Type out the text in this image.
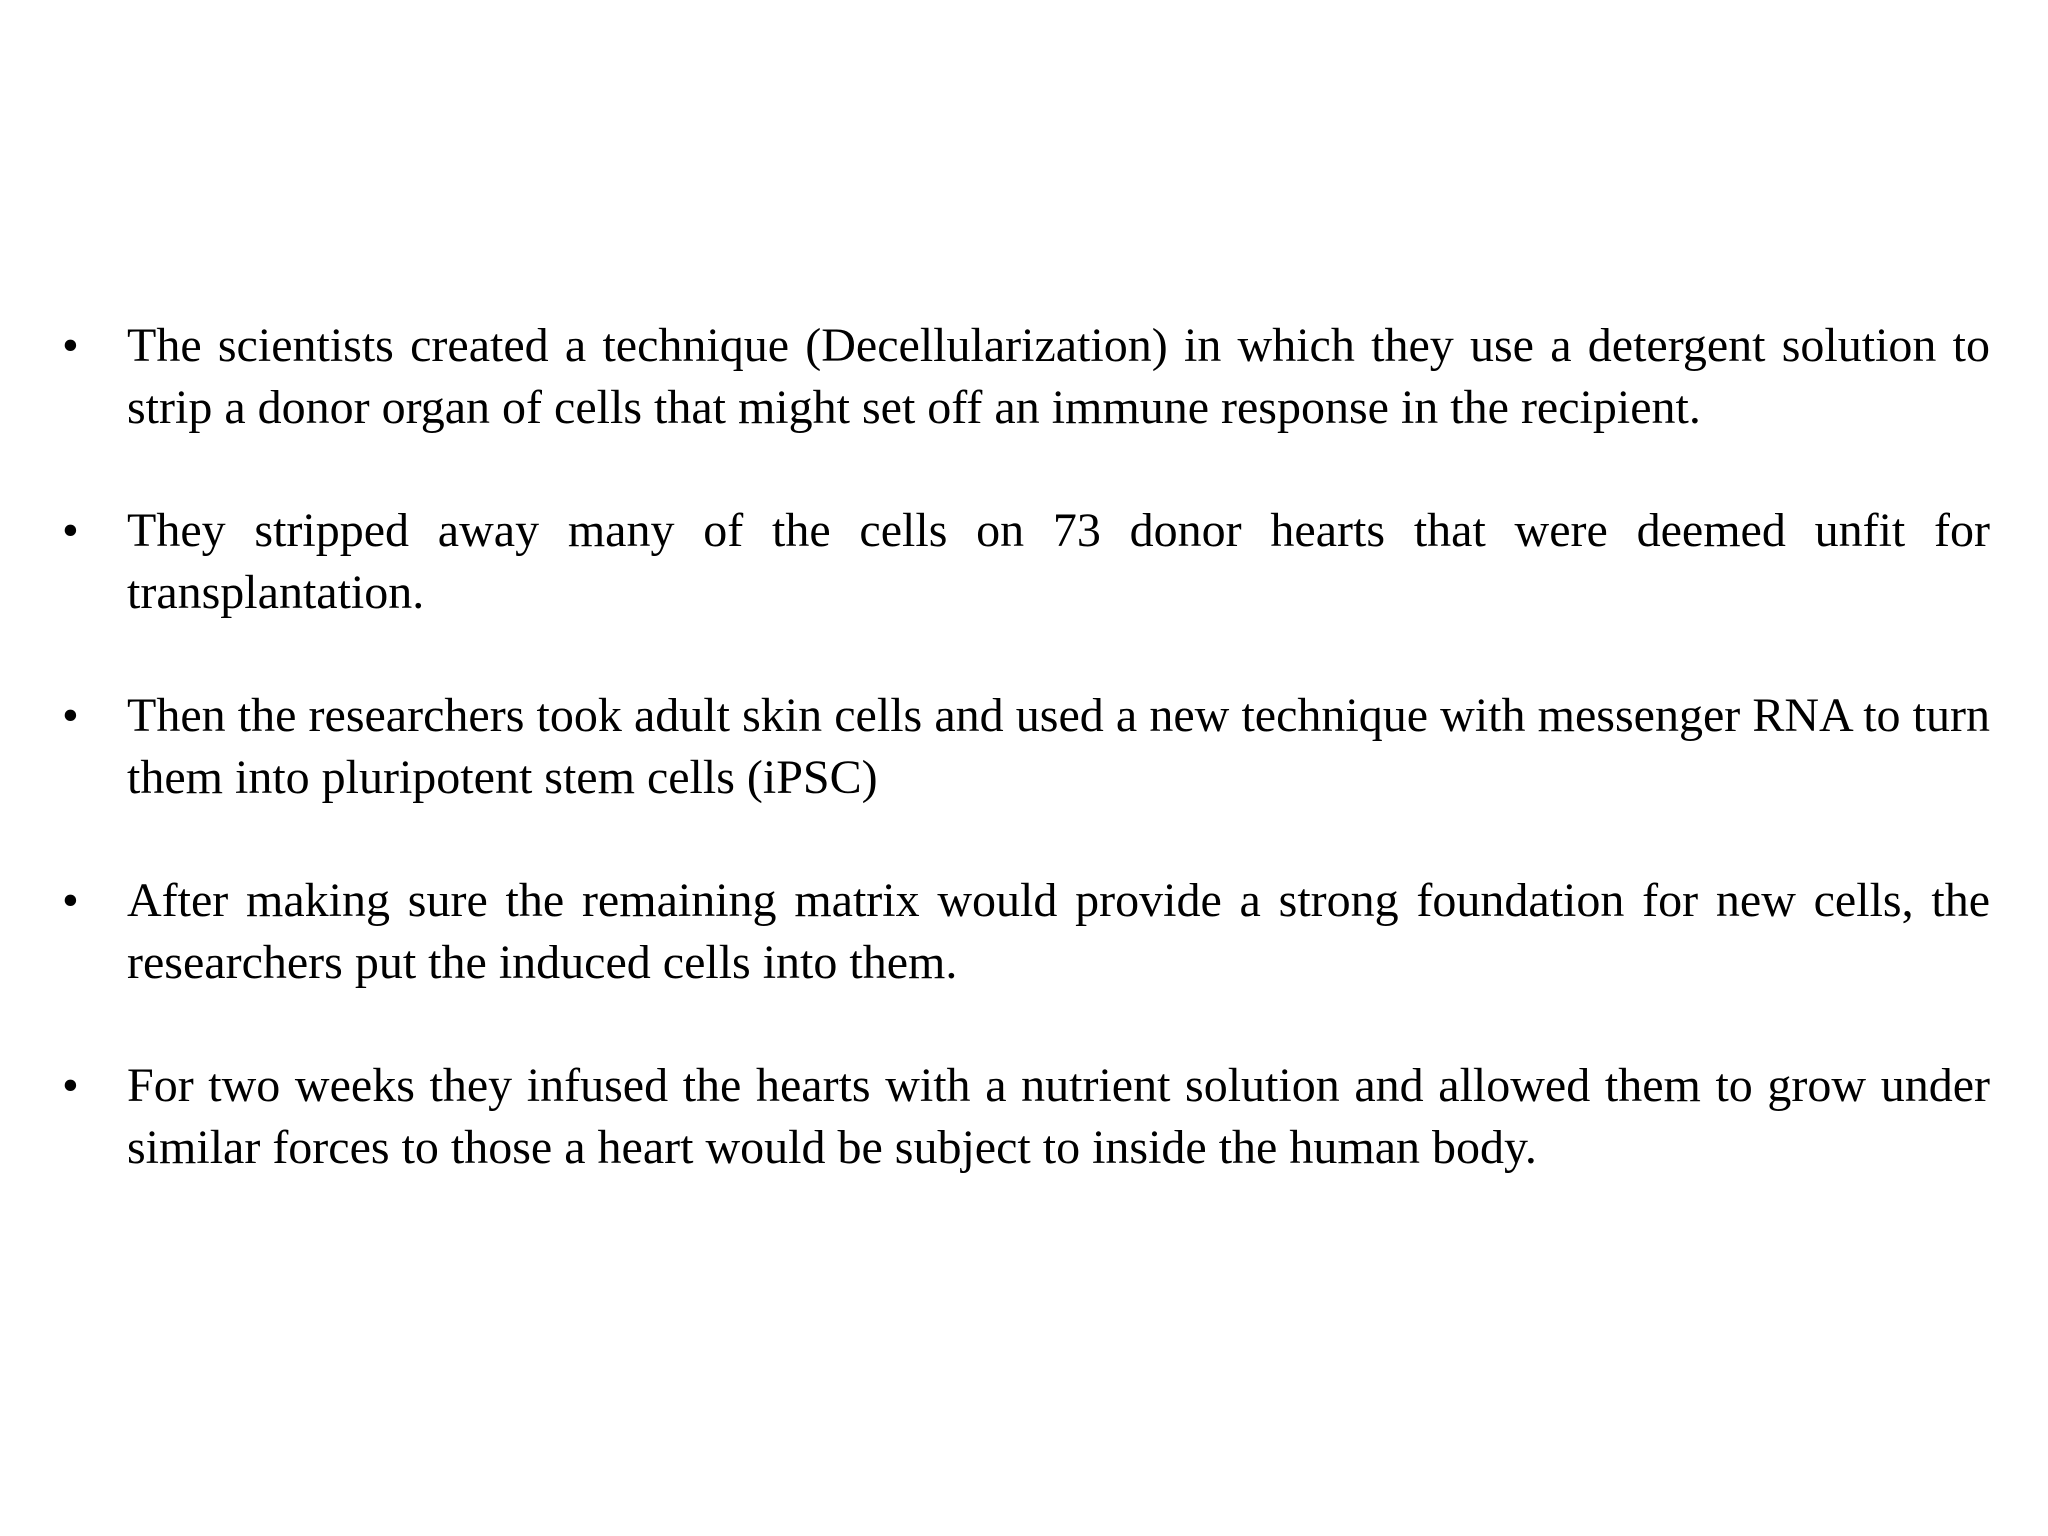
•	The scientists created a technique (Decellularization) in which they use a detergent solution to strip a donor organ of cells that might set off an immune response in the recipient.

•	They stripped away many of the cells on 73 donor hearts that were deemed unfit for transplantation.

•	Then the researchers took adult skin cells and used a new technique with messenger RNA to turn them into pluripotent stem cells (iPSC)

•	After making sure the remaining matrix would provide a strong foundation for new cells, the researchers put the induced cells into them.

•	For two weeks they infused the hearts with a nutrient solution and allowed them to grow under similar forces to those a heart would be subject to inside the human body.
